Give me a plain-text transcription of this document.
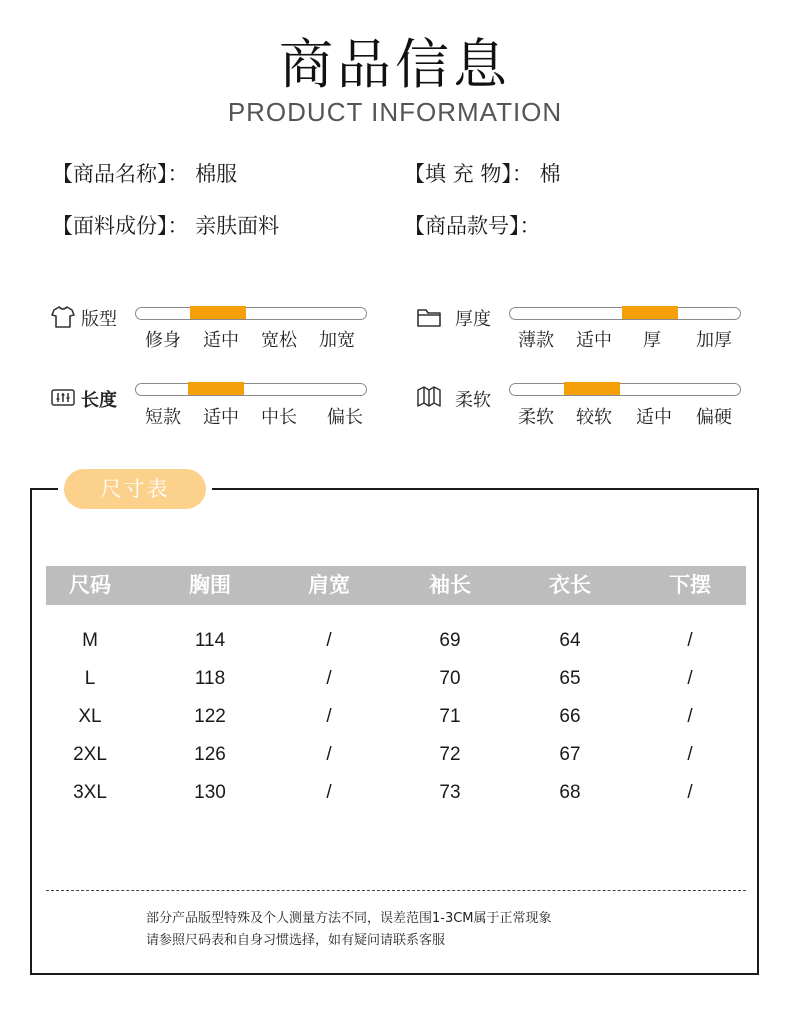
商品信息
PRODUCT INFORMATION
【商品名称】： 棉服	【填 充 物】： 棉
【面料成份】： 亲肤面料	【商品款号】：
版型
修身	适中	宽松	加宽
厚度
薄款	适中	厚	加厚
长度
短款	适中	中长	偏长
柔软
柔软	较软	适中	偏硬
尺寸表
尺码	胸围	肩宽	袖长	衣长	下摆
M	114	/	69	64	/
L	118	/	70	65	/
XL	122	/	71	66	/
2XL	126	/	72	67	/
3XL	130	/	73	68	/
部分产品版型特殊及个人测量方法不同，误差范围1-3CM属于正常现象
请参照尺码表和自身习惯选择，如有疑问请联系客服
